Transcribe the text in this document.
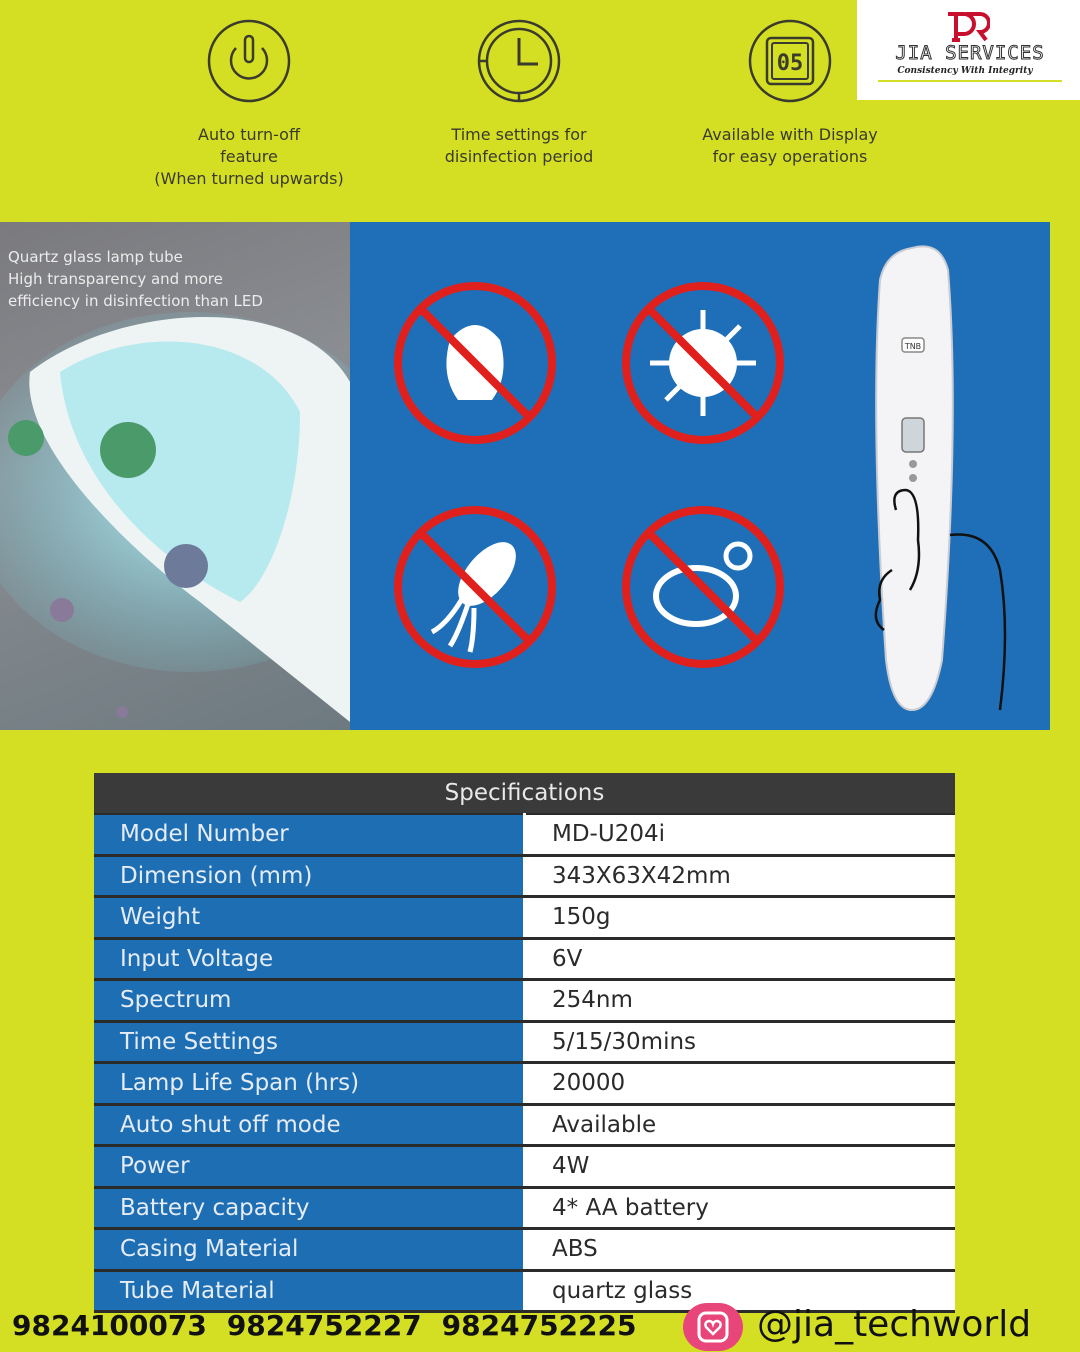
Auto turn-off
feature
(When turned upwards)
Time settings for
disinfection period
05
Available with Display
for easy operations
JIA SERVICES
Consistency With Integrity
Quartz glass lamp tube
High transparency and more
efficiency in disinfection than LED
TNB
Specifications	
Model Number	MD-U204i
Dimension (mm)	343X63X42mm
Weight	150g
Input Voltage	6V
Spectrum	254nm
Time Settings	5/15/30mins
Lamp Life Span (hrs)	20000
Auto shut off mode	Available
Power	4W
Battery capacity	4* AA battery
Casing Material	ABS
Tube Material	quartz glass
9824100073 9824752227 9824752225	@jia_techworld
